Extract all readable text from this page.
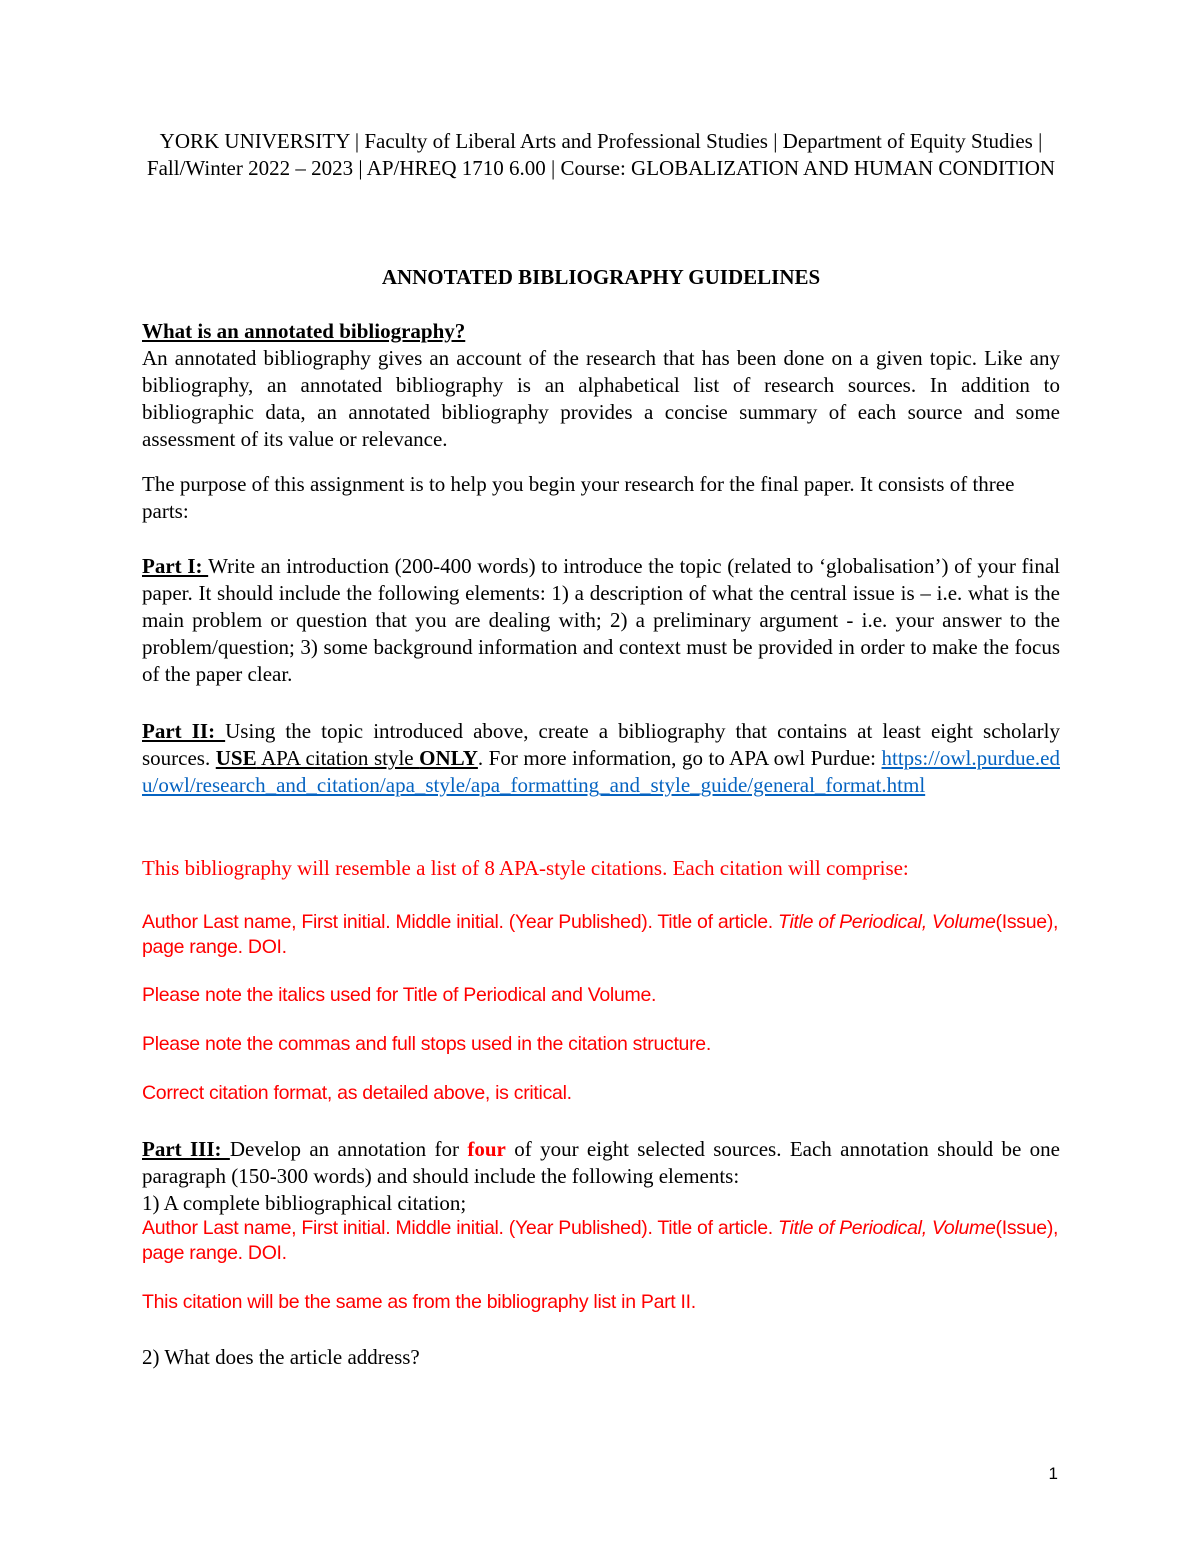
YORK UNIVERSITY | Faculty of Liberal Arts and Professional Studies | Department of Equity Studies | Fall/Winter 2022 – 2023 | AP/HREQ 1710 6.00 | Course: GLOBALIZATION AND HUMAN CONDITION

ANNOTATED BIBLIOGRAPHY GUIDELINES

What is an annotated bibliography?

An annotated bibliography gives an account of the research that has been done on a given topic. Like any bibliography, an annotated bibliography is an alphabetical list of research sources. In addition to bibliographic data, an annotated bibliography provides a concise summary of each source and some assessment of its value or relevance.

The purpose of this assignment is to help you begin your research for the final paper. It consists of three parts:

Part I: Write an introduction (200-400 words) to introduce the topic (related to ‘globalisation’) of your final paper. It should include the following elements: 1) a description of what the central issue is – i.e. what is the main problem or question that you are dealing with; 2) a preliminary argument - i.e. your answer to the problem/question; 3) some background information and context must be provided in order to make the focus of the paper clear.

Part II: Using the topic introduced above, create a bibliography that contains at least eight scholarly sources. USE APA citation style ONLY. For more information, go to APA owl Purdue: https://owl.purdue.edu/owl/research_and_citation/apa_style/apa_formatting_and_style_guide/general_format.html

This bibliography will resemble a list of 8 APA-style citations. Each citation will comprise:

Author Last name, First initial. Middle initial. (Year Published). Title of article. Title of Periodical, Volume(Issue), page range. DOI.

Please note the italics used for Title of Periodical and Volume.

Please note the commas and full stops used in the citation structure.

Correct citation format, as detailed above, is critical.

Part III: Develop an annotation for four of your eight selected sources. Each annotation should be one paragraph (150-300 words) and should include the following elements:

1) A complete bibliographical citation;

Author Last name, First initial. Middle initial. (Year Published). Title of article. Title of Periodical, Volume(Issue), page range. DOI.

This citation will be the same as from the bibliography list in Part II.

2) What does the article address?

1
